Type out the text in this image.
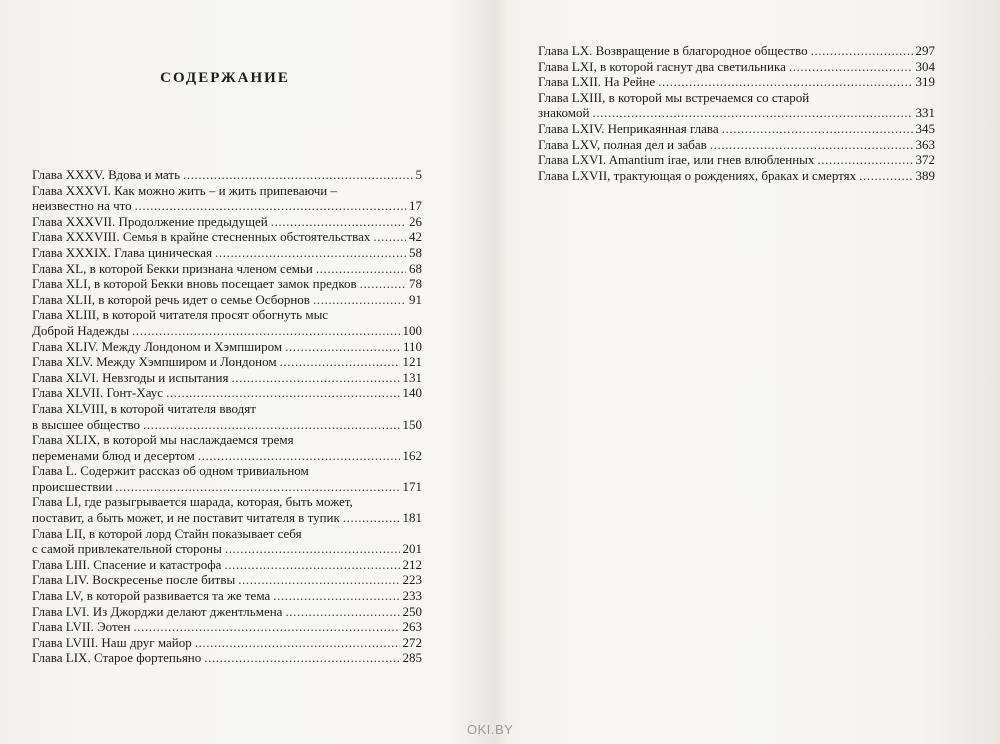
СОДЕРЖАНИЕ
Глава XXXV. Вдова и мать .....	5
Глава XXXVI. Как можно жить – и жить припеваючи –
неизвестно на что .....	17
Глава XXXVII. Продолжение предыдущей .....	26
Глава XXXVIII. Семья в крайне стесненных обстоятельствах .....	42
Глава XXXIX. Глава циническая .....	58
Глава XL, в которой Бекки признана членом семьи .....	68
Глава XLI, в которой Бекки вновь посещает замок предков .....	78
Глава XLII, в которой речь идет о семье Осборнов .....	91
Глава XLIII, в которой читателя просят обогнуть мыс
Доброй Надежды .....	100
Глава XLIV. Между Лондоном и Хэмпширом .....	110
Глава XLV. Между Хэмпширом и Лондоном .....	121
Глава XLVI. Невзгоды и испытания .....	131
Глава XLVII. Гонт-Хаус .....	140
Глава XLVIII, в которой читателя вводят
в высшее общество .....	150
Глава XLIX, в которой мы наслаждаемся тремя
переменами блюд и десертом .....	162
Глава L. Содержит рассказ об одном тривиальном
происшествии .....	171
Глава LI, где разыгрывается шарада, которая, быть может,
поставит, а быть может, и не поставит читателя в тупик .....	181
Глава LII, в которой лорд Стайн показывает себя
с самой привлекательной стороны .....	201
Глава LIII. Спасение и катастрофа .....	212
Глава LIV. Воскресенье после битвы .....	223
Глава LV, в которой развивается та же тема .....	233
Глава LVI. Из Джорджи делают джентльмена .....	250
Глава LVII. Эотен .....	263
Глава LVIII. Наш друг майор .....	272
Глава LIX. Старое фортепьяно .....	285
Глава LX. Возвращение в благородное общество .....	297
Глава LXI, в которой гаснут два светильника .....	304
Глава LXII. На Рейне .....	319
Глава LXIII, в которой мы встречаемся со старой
знакомой .....	331
Глава LXIV. Неприкаянная глава .....	345
Глава LXV, полная дел и забав .....	363
Глава LXVI. Amantium irae, или гнев влюбленных .....	372
Глава LXVII, трактующая о рождениях, браках и смертях .....	389
OKI.BY
